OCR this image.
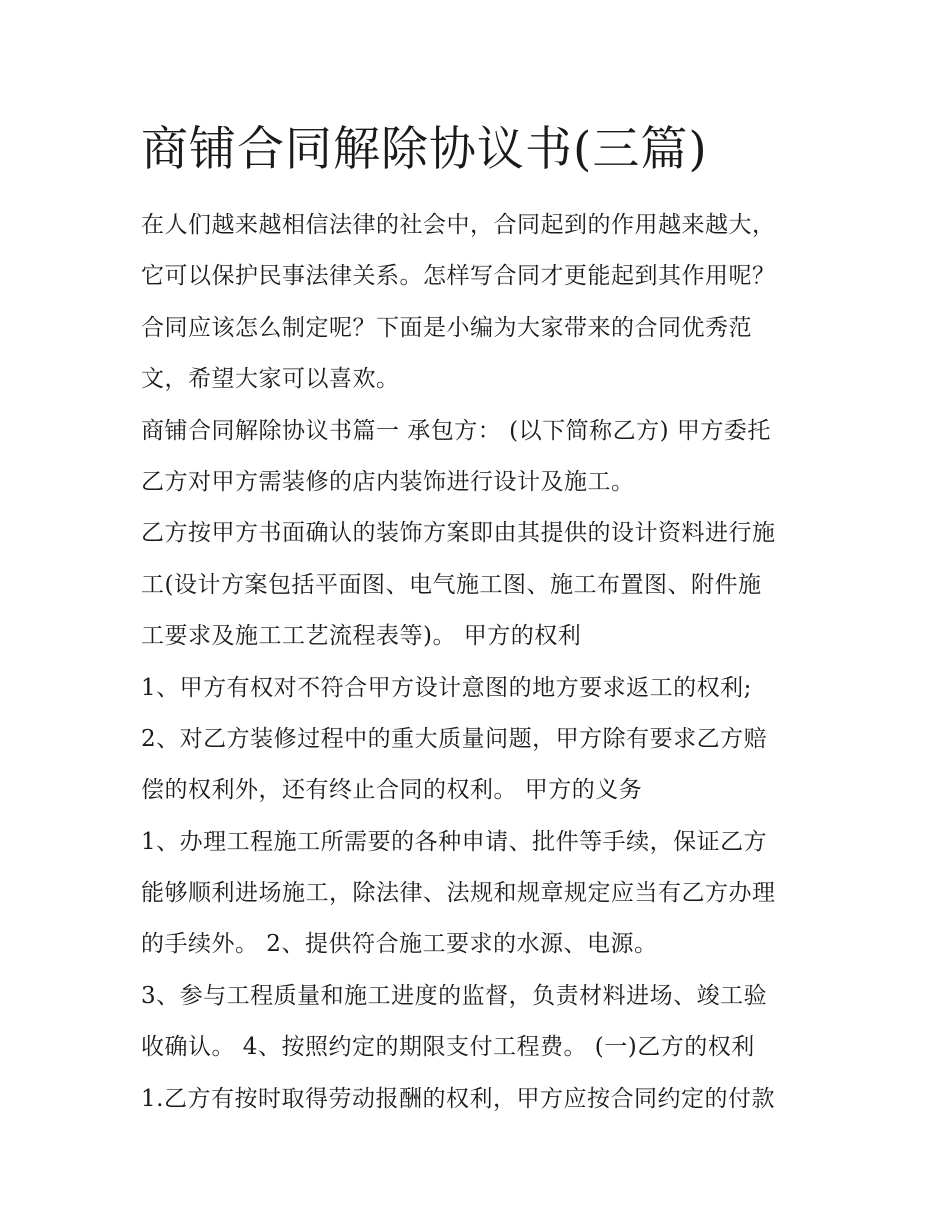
商铺合同解除协议书(三篇)
在人们越来越相信法律的社会中，合同起到的作用越来越大，
它可以保护民事法律关系。怎样写合同才更能起到其作用呢？
合同应该怎么制定呢？下面是小编为大家带来的合同优秀范
文，希望大家可以喜欢。
商铺合同解除协议书篇一 承包方： (以下简称乙方) 甲方委托
乙方对甲方需装修的店内装饰进行设计及施工。
乙方按甲方书面确认的装饰方案即由其提供的设计资料进行施
工(设计方案包括平面图、电气施工图、施工布置图、附件施
工要求及施工工艺流程表等)。 甲方的权利
1、甲方有权对不符合甲方设计意图的地方要求返工的权利;
2、对乙方装修过程中的重大质量问题，甲方除有要求乙方赔
偿的权利外，还有终止合同的权利。 甲方的义务
1、办理工程施工所需要的各种申请、批件等手续，保证乙方
能够顺利进场施工，除法律、法规和规章规定应当有乙方办理
的手续外。 2、提供符合施工要求的水源、电源。
3、参与工程质量和施工进度的监督，负责材料进场、竣工验
收确认。 4、按照约定的期限支付工程费。 (一)乙方的权利
1.乙方有按时取得劳动报酬的权利，甲方应按合同约定的付款
